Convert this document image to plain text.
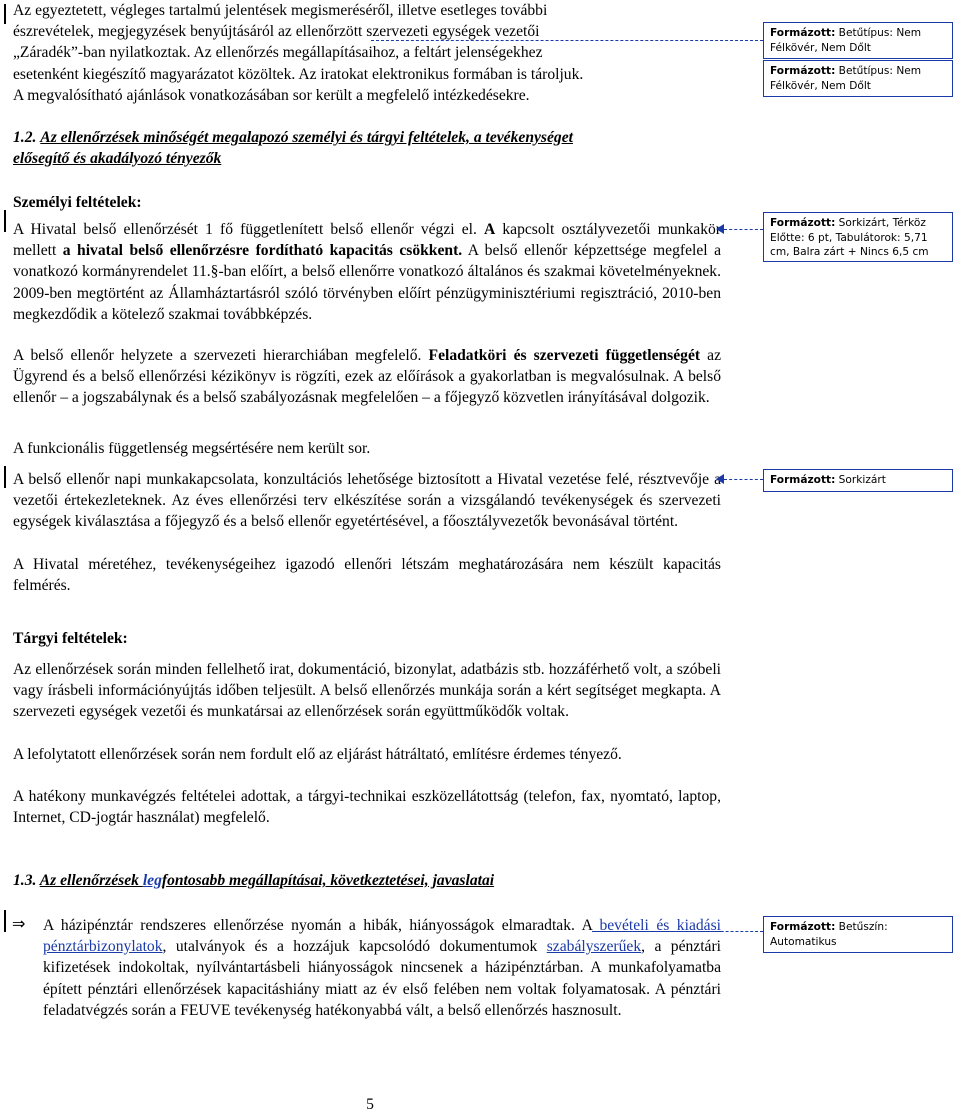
Az egyeztetett, végleges tartalmú jelentések megismeréséről, illetve esetleges további
észrevételek, megjegyzések benyújtásáról az ellenőrzött szervezeti egységek vezetői
„Záradék”-ban nyilatkoztak. Az ellenőrzés megállapításaihoz, a feltárt jelenségekhez
esetenként kiegészítő magyarázatot közöltek. Az iratokat elektronikus formában is tároljuk.
A megvalósítható ajánlások vonatkozásában sor került a megfelelő intézkedésekre.
1.2. Az ellenőrzések minőségét megalapozó személyi és tárgyi feltételek, a tevékenységet
elősegítő és akadályozó tényezők
Személyi feltételek:
A Hivatal belső ellenőrzését 1 fő függetlenített belső ellenőr végzi el. A kapcsolt osztályvezetői munkakör mellett a hivatal belső ellenőrzésre fordítható kapacitás csökkent. A belső ellenőr képzettsége megfelel a vonatkozó kormányrendelet 11.§-ban előírt, a belső ellenőrre vonatkozó általános és szakmai követelményeknek. 2009-ben megtörtént az Államháztartásról szóló törvényben előírt pénzügyminisztériumi regisztráció, 2010-ben megkezdődik a kötelező szakmai továbbképzés.
A belső ellenőr helyzete a szervezeti hierarchiában megfelelő. Feladatköri és szervezeti függetlenségét az Ügyrend és a belső ellenőrzési kézikönyv is rögzíti, ezek az előírások a gyakorlatban is megvalósulnak. A belső ellenőr – a jogszabálynak és a belső szabályozásnak megfelelően – a főjegyző közvetlen irányításával dolgozik.
A funkcionális függetlenség megsértésére nem került sor.
A belső ellenőr napi munkakapcsolata, konzultációs lehetősége biztosított a Hivatal vezetése felé, résztvevője a vezetői értekezleteknek. Az éves ellenőrzési terv elkészítése során a vizsgálandó tevékenységek és szervezeti egységek kiválasztása a főjegyző és a belső ellenőr egyetértésével, a főosztályvezetők bevonásával történt.
A Hivatal méretéhez, tevékenységeihez igazodó ellenőri létszám meghatározására nem készült kapacitás felmérés.
Tárgyi feltételek:
Az ellenőrzések során minden fellelhető irat, dokumentáció, bizonylat, adatbázis stb. hozzáférhető volt, a szóbeli vagy írásbeli információnyújtás időben teljesült. A belső ellenőrzés munkája során a kért segítséget megkapta. A szervezeti egységek vezetői és munkatársai az ellenőrzések során együttműködők voltak.
A lefolytatott ellenőrzések során nem fordult elő az eljárást hátráltató, említésre érdemes tényező.
A hatékony munkavégzés feltételei adottak, a tárgyi-technikai eszközellátottság (telefon, fax, nyomtató, laptop, Internet, CD-jogtár használat) megfelelő.
1.3. Az ellenőrzések legfontosabb megállapításai, következtetései, javaslatai
⇒ A házipénztár rendszeres ellenőrzése nyomán a hibák, hiányosságok elmaradtak. A bevételi és kiadási pénztárbizonylatok, utalványok és a hozzájuk kapcsolódó dokumentumok szabályszerűek, a pénztári kifizetések indokoltak, nyílvántartásbeli hiányosságok nincsenek a házipénztárban. A munkafolyamatba épített pénztári ellenőrzések kapacitáshiány miatt az év első felében nem voltak folyamatosak. A pénztári feladatvégzés során a FEUVE tevékenység hatékonyabbá vált, a belső ellenőrzés hasznosult.
Formázott: Betűtípus: Nem Félkövér, Nem Dőlt
Formázott: Betűtípus: Nem Félkövér, Nem Dőlt
Formázott: Sorkizárt, Térköz Előtte: 6 pt, Tabulátorok: 5,71 cm, Balra zárt + Nincs 6,5 cm
Formázott: Sorkizárt
Formázott: Betűszín: Automatikus
5
